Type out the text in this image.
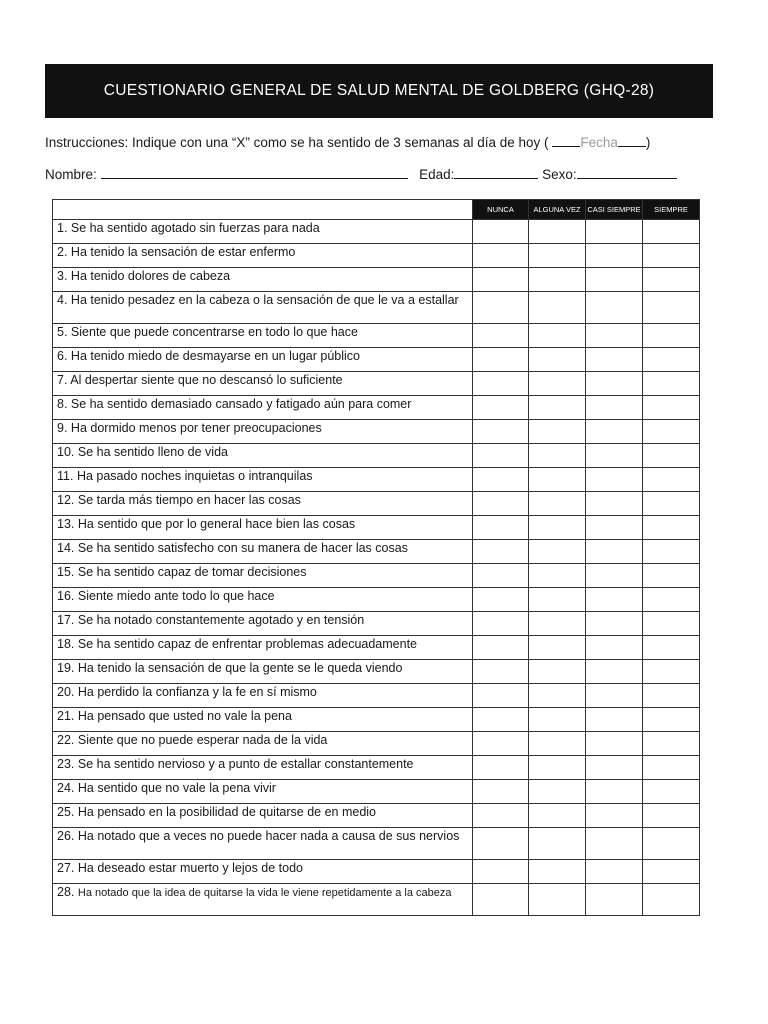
CUESTIONARIO GENERAL DE SALUD MENTAL DE GOLDBERG (GHQ-28)
Instrucciones: Indique con una “X” como se ha sentido de 3 semanas al día de hoy ( Fecha )
Nombre:	Edad:	Sexo:
	NUNCA	ALGUNA VEZ	CASI SIEMPRE	SIEMPRE
1. Se ha sentido agotado sin fuerzas para nada				
2. Ha tenido la sensación de estar enfermo				
3. Ha tenido dolores de cabeza				
4. Ha tenido pesadez en la cabeza o la sensación de que le va a estallar				
5. Siente que puede concentrarse en todo lo que hace				
6. Ha tenido miedo de desmayarse en un lugar público				
7. Al despertar siente que no descansó lo suficiente				
8. Se ha sentido demasiado cansado y fatigado aún para comer				
9. Ha dormido menos por tener preocupaciones				
10. Se ha sentido lleno de vida				
11. Ha pasado noches inquietas o intranquilas				
12. Se tarda más tiempo en hacer las cosas				
13. Ha sentido que por lo general hace bien las cosas				
14. Se ha sentido satisfecho con su manera de hacer las cosas				
15. Se ha sentido capaz de tomar decisiones				
16. Siente miedo ante todo lo que hace				
17. Se ha notado constantemente agotado y en tensión				
18. Se ha sentido capaz de enfrentar problemas adecuadamente				
19. Ha tenido la sensación de que la gente se le queda viendo				
20. Ha perdido la confianza y la fe en sí mismo				
21. Ha pensado que usted no vale la pena				
22. Siente que no puede esperar nada de la vida				
23. Se ha sentido nervioso y a punto de estallar constantemente				
24. Ha sentido que no vale la pena vivir				
25. Ha pensado en la posibilidad de quitarse de en medio				
26. Ha notado que a veces no puede hacer nada a causa de sus nervios				
27. Ha deseado estar muerto y lejos de todo				
28. Ha notado que la idea de quitarse la vida le viene repetidamente a la cabeza				
